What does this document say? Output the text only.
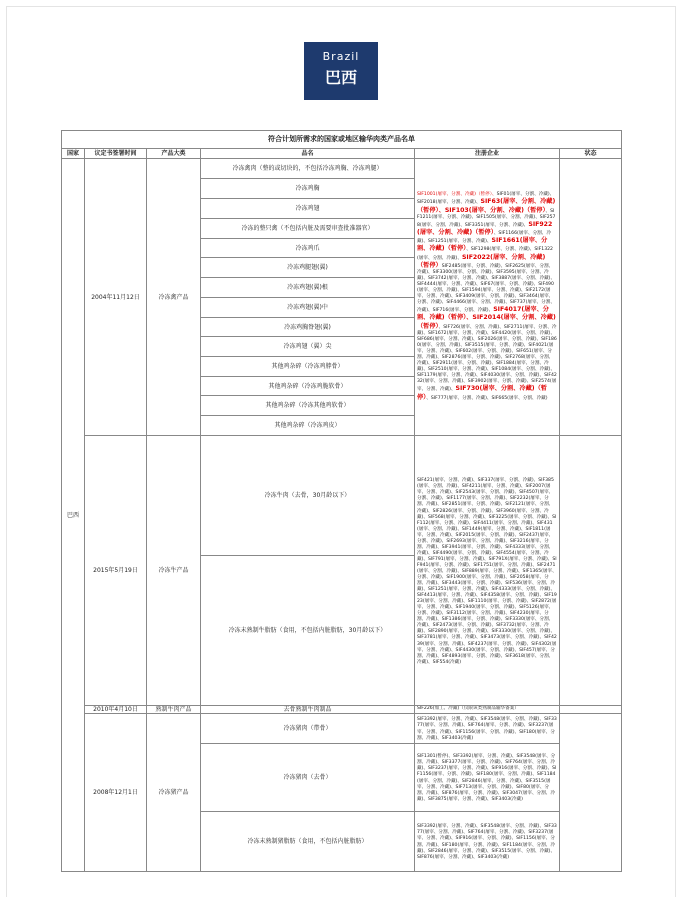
Brazil
巴西
符合计划所需求的国家或地区输华肉类产品名单					
国家	议定书签署时间	产品大类	品名	注册企业	状态
巴西	2004年11月12日	冷冻禽产品	冷冻禽肉（整的或切块的，不包括冷冻鸡胸、冷冻鸡腿）	SIF1001(屠宰、分割、冷藏)（暂停）、SIF01(屠宰、分割、冷藏)、SIF2018(屠宰、分割、冷藏)、SIF63(屠宰、分割、冷藏)（暂停）、SIF103(屠宰、分割、冷藏)（暂停）、SIF1211(屠宰、分割、冷藏)、SIF1505(屠宰、分割、冷藏)、SIF2578(屠宰、分割、冷藏)、SIF3351(屠宰、分割、冷藏)、SIF922(屠宰、分割、冷藏)（暂停）、SIF1166(屠宰、分割、冷藏)、SIF1251(屠宰、分割、冷藏)、SIF1661(屠宰、分割、冷藏)（暂停）、SIF1298(屠宰、分割、冷藏)、SIF1322(屠宰、分割、冷藏)、SIF2022(屠宰、分割、冷藏)（暂停）SIF2485(屠宰、分割、冷藏)、SIF2625(屠宰、分割、冷藏)、SIF3300(屠宰、分割、冷藏)、SIF3595(屠宰、分割、冷藏)、SIF3742(屠宰、分割、冷藏)、SIF3887(屠宰、分割、冷藏)、SIF4444(屠宰、分割、冷藏)、SIF67(屠宰、分割、冷藏)、SIF490(屠宰、分割、冷藏)、SIF1594(屠宰、分割、冷藏)、SIF2172(屠宰、分割、冷藏)、SIF3409(屠宰、分割、冷藏)、SIF3464(屠宰、分割、冷藏)、SIF4466(屠宰、分割、冷藏)、SIF737(屠宰、分割、冷藏)、SIF716(屠宰、分割、冷藏)、SIF4017(屠宰、分割、冷藏)（暂停）、SIF2014(屠宰、分割、冷藏)（暂停）、SIF726(屠宰、分割、冷藏)、SIF2711(屠宰、分割、冷藏)、SIF1672(屠宰、分割、冷藏)、SIF4420(屠宰、分割、冷藏)、SIF686(屠宰、分割、冷藏)、SIF2026(屠宰、分割、冷藏)、SIF1860(屠宰、分割、冷藏)、SIF3515(屠宰、分割、冷藏)、SIF4021(屠宰、分割、冷藏)、SIF602(屠宰、分割、冷藏)、SIF651(屠宰、分割、冷藏)、SIF2876(屠宰、分割、冷藏)、SIF2768(屠宰、分割、冷藏)、SIF2911(屠宰、分割、冷藏)、SIF1884(屠宰、分割、冷藏)、SIF2510(屠宰、分割、冷藏)、SIF1084(屠宰、分割、冷藏)、SIF1179(屠宰、分割、冷藏)、SIF4030(屠宰、分割、冷藏)、SIF4232(屠宰、分割、冷藏)、SIF3902(屠宰、分割、冷藏)、SIF2574(屠宰、分割、冷藏)、SIF730(屠宰、分割、冷藏)（暂停）、SIF777(屠宰、分割、冷藏)、SIF665(屠宰、分割、冷藏)	
			冷冻鸡胸		
			冷冻鸡翅		
			冷冻的整只禽（不包括内脏及需要审查批准器官）		
			冷冻鸡爪		
			冷冻鸡腿翅(翼)		
			冷冻鸡翅(翼)根		
			冷冻鸡翅(翼)中		
			冷冻鸡胸脊翅(翼)		
			冷冻鸡翅（翼）尖		
			其他鸡杂碎（冷冻鸡脖骨）		
			其他鸡杂碎（冷冻鸡脆软骨）		
			其他鸡杂碎（冷冻其他鸡软骨）		
			其他鸡杂碎（冷冻鸡皮）		
	2015年5月19日	冷冻牛产品	冷冻牛肉（去骨，30月龄以下）	SIF421(屠宰、分割、冷藏)、SIF337(屠宰、分割、冷藏)、SIF385(屠宰、分割、冷藏)、SIF4211(屠宰、分割、冷藏)、SIF2007(屠宰、分割、冷藏)、SIF2543(屠宰、分割、冷藏)、SIF4507(屠宰、分割、冷藏)、SIF1177(屠宰、分割、冷藏)、SIF2232(屠宰、分割、冷藏)、SIF2851(屠宰、分割、冷藏)、SIF2121(屠宰、分割、冷藏)、SIF2826(屠宰、分割、冷藏)、SIF3960(屠宰、分割、冷藏)、SIF568(屠宰、分割、冷藏)、SIF3225(屠宰、分割、冷藏)、SIF112(屠宰、分割、冷藏)、SIF4411(屠宰、分割、冷藏)、SIF431(屠宰、分割、冷藏)、SIF1449(屠宰、分割、冷藏)、SIF1811(屠宰、分割、冷藏)、SIF2015(屠宰、分割、冷藏)、SIF2437(屠宰、分割、冷藏)、SIF2693(屠宰、分割、冷藏)、SIF3216(屠宰、分割、冷藏)、SIF3941(屠宰、分割、冷藏)、SIF4333(屠宰、分割、冷藏)、SIF4490(屠宰、分割、冷藏)、SIF4554(屠宰、分割、冷藏)、SIF791(屠宰、分割、冷藏)、SIF791X(屠宰、分割、冷藏)、SIF941(屠宰、分割、冷藏)、SIF1751(屠宰、分割、冷藏)、SIF2471(屠宰、分割、冷藏)、SIF889(屠宰、分割、冷藏)、SIF1365(屠宰、分割、冷藏)、SIF1900(屠宰、分割、冷藏)、SIF2058(屠宰、分割、冷藏)、SIF3443(屠宰、分割、冷藏)、SIF536(屠宰、分割、冷藏)、SIF1251(屠宰、分割、冷藏)、SIF4333(屠宰、分割、冷藏)、SIF4413(屠宰、分割、冷藏)、SIF4358(屠宰、分割、冷藏)、SIF1923(屠宰、分割、冷藏)、SIF1110(屠宰、分割、冷藏)、SIF2872(屠宰、分割、冷藏)、SIF1940(屠宰、分割、冷藏)、SIF5126(屠宰、分割、冷藏)、SIF3112(屠宰、分割、冷藏)、SIF4230(屠宰、分割、冷藏)、SIF1386(屠宰、分割、冷藏)、SIF3330(屠宰、分割、冷藏)、SIF2473(屠宰、分割、冷藏)、SIF3732(屠宰、分割、冷藏)、SIF2890(屠宰、分割、冷藏)、SIF3330(屠宰、分割、冷藏)、SIF3781(屠宰、分割、冷藏)、SIF3473(屠宰、分割、冷藏)、SIF4239(屠宰、分割、冷藏)、SIF4237(屠宰、分割、冷藏)、SIF4302(屠宰、分割、冷藏)、SIF4430(屠宰、分割、冷藏)、SIF457(屠宰、分割、冷藏)、SIF4893(屠宰、分割、冷藏)、SIF3618(屠宰、分割、冷藏)、SIF554(冷藏)	
			冷冻未熟制牛脂肪（食用，不包括内脏脂肪，30月龄以下）		
	2010年4月10日	熟制牛肉产品	去骨熟制牛肉制品	SIF226(加工、冷藏)（仅限该类熟制品输华备案）	
	2008年12月1日	冷冻猪产品	冷冻猪肉（带骨）	SIF3392(屠宰、分割、冷藏)、SIF3548(屠宰、分割、冷藏)、SIF3377(屠宰、分割、冷藏)、SIF764(屠宰、分割、冷藏)、SIF3237(屠宰、分割、冷藏)、SIF1156(屠宰、分割、冷藏)、SIF180(屠宰、分割、冷藏)、SIF3403(冷藏)	
			冷冻猪肉（去骨）	SIF1301(暂停)、SIF3392(屠宰、分割、冷藏)、SIF3548(屠宰、分割、冷藏)、SIF3377(屠宰、分割、冷藏)、SIF764(屠宰、分割、冷藏)、SIF3237(屠宰、分割、冷藏)、SIF916(屠宰、分割、冷藏)、SIF1156(屠宰、分割、冷藏)、SIF180(屠宰、分割、冷藏)、SIF1184(屠宰、分割、冷藏)、SIF2846(屠宰、分割、冷藏)、SIF3515(屠宰、分割、冷藏)、SIF713(屠宰、分割、冷藏)、SIF80(屠宰、分割、冷藏)、SIF876(屠宰、分割、冷藏)、SIF3047(屠宰、分割、冷藏)、SIF3875(屠宰、分割、冷藏)、SIF3403(冷藏)	
			冷冻未熟制猪脂肪（食用，不包括内脏脂肪）	SIF3392(屠宰、分割、冷藏)、SIF3548(屠宰、分割、冷藏)、SIF3377(屠宰、分割、冷藏)、SIF764(屠宰、分割、冷藏)、SIF3237(屠宰、分割、冷藏)、SIF916(屠宰、分割、冷藏)、SIF1156(屠宰、分割、冷藏)、SIF180(屠宰、分割、冷藏)、SIF1184(屠宰、分割、冷藏)、SIF2846(屠宰、分割、冷藏)、SIF3515(屠宰、分割、冷藏)、SIF876(屠宰、分割、冷藏)、SIF3403(冷藏)	
